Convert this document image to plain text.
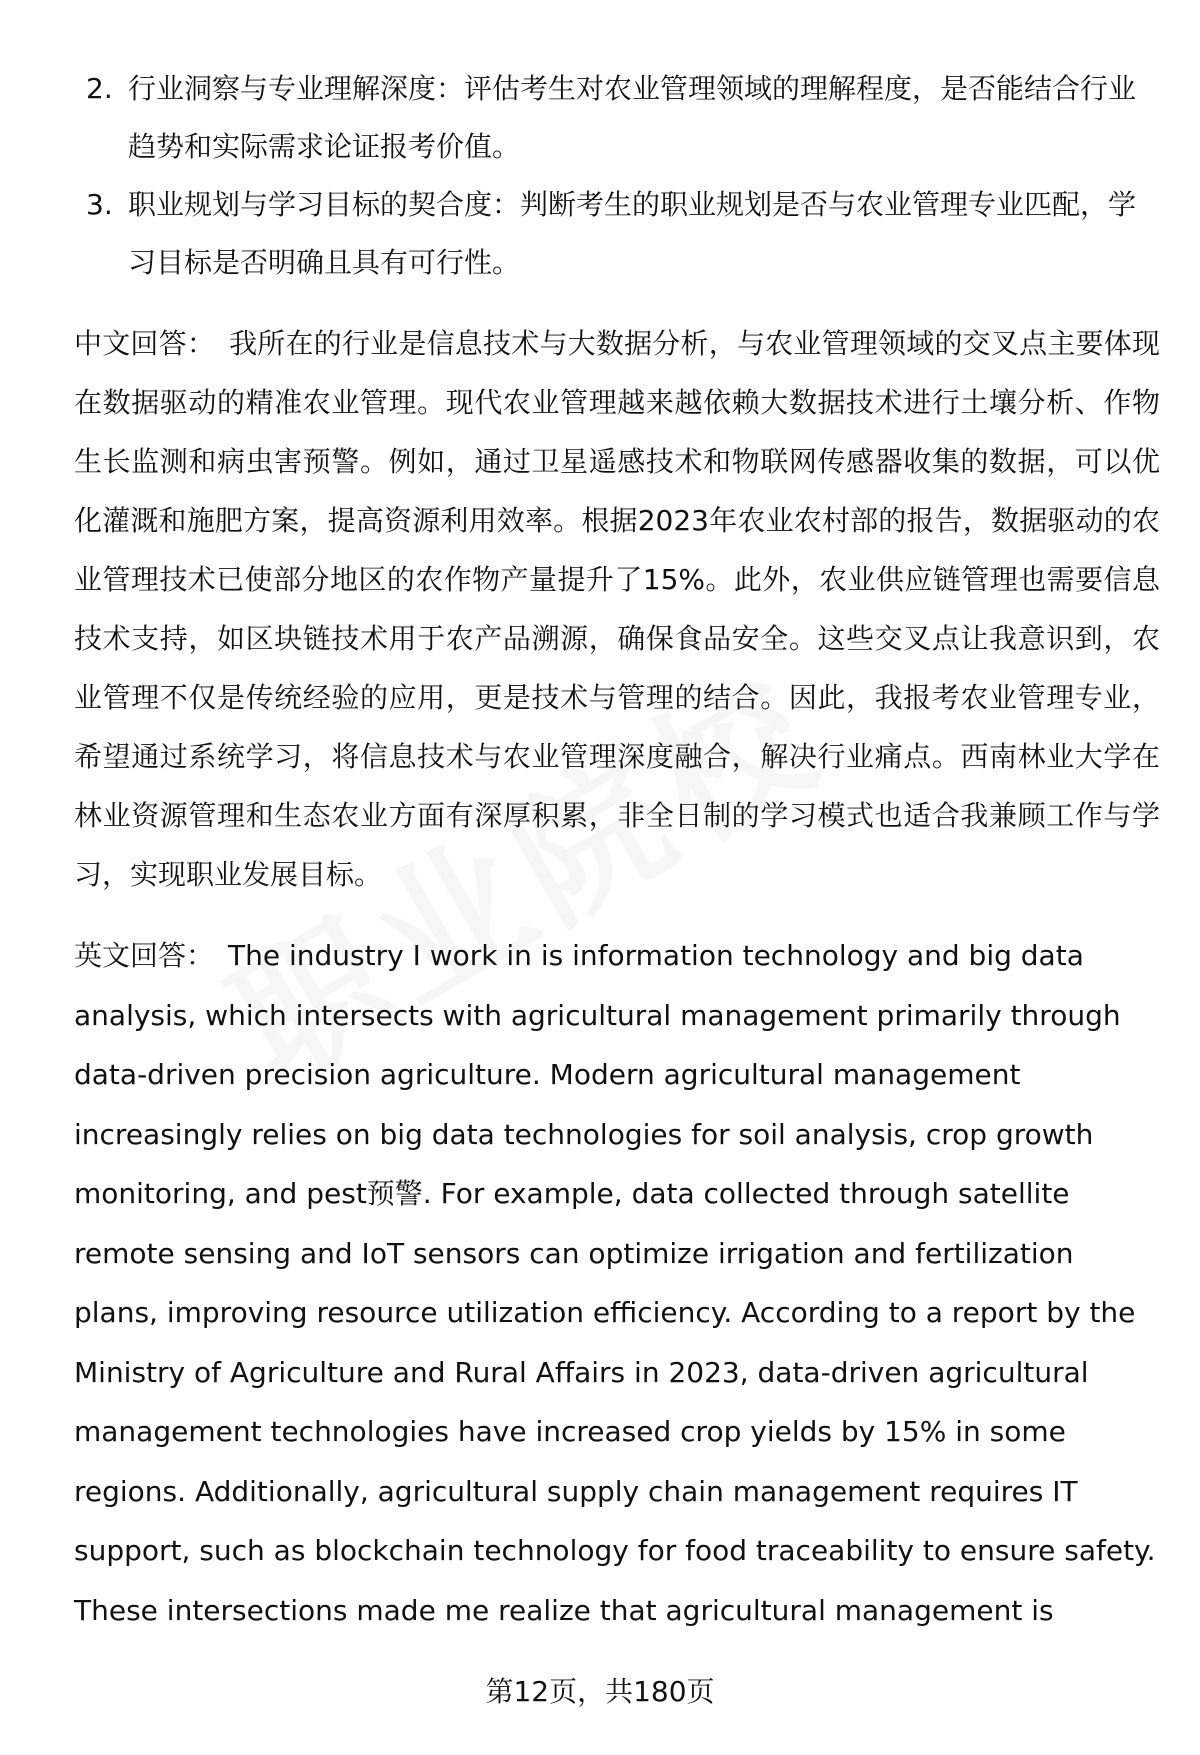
2. 行业洞察与专业理解深度：评估考生对农业管理领域的理解程度，是否能结合行业趋势和实际需求论证报考价值。
3. 职业规划与学习目标的契合度：判断考生的职业规划是否与农业管理专业匹配，学习目标是否明确且具有可行性。

中文回答： 我所在的行业是信息技术与大数据分析，与农业管理领域的交叉点主要体现在数据驱动的精准农业管理。现代农业管理越来越依赖大数据技术进行土壤分析、作物生长监测和病虫害预警。例如，通过卫星遥感技术和物联网传感器收集的数据，可以优化灌溉和施肥方案，提高资源利用效率。根据2023年农业农村部的报告，数据驱动的农业管理技术已使部分地区的农作物产量提升了15%。此外，农业供应链管理也需要信息技术支持，如区块链技术用于农产品溯源，确保食品安全。这些交叉点让我意识到，农业管理不仅是传统经验的应用，更是技术与管理的结合。因此，我报考农业管理专业，希望通过系统学习，将信息技术与农业管理深度融合，解决行业痛点。西南林业大学在林业资源管理和生态农业方面有深厚积累，非全日制的学习模式也适合我兼顾工作与学习，实现职业发展目标。

英文回答： The industry I work in is information technology and big data analysis, which intersects with agricultural management primarily through data-driven precision agriculture. Modern agricultural management increasingly relies on big data technologies for soil analysis, crop growth monitoring, and pest预警. For example, data collected through satellite remote sensing and IoT sensors can optimize irrigation and fertilization plans, improving resource utilization efficiency. According to a report by the Ministry of Agriculture and Rural Affairs in 2023, data-driven agricultural management technologies have increased crop yields by 15% in some regions. Additionally, agricultural supply chain management requires IT support, such as blockchain technology for food traceability to ensure safety. These intersections made me realize that agricultural management is

第12页，共180页
